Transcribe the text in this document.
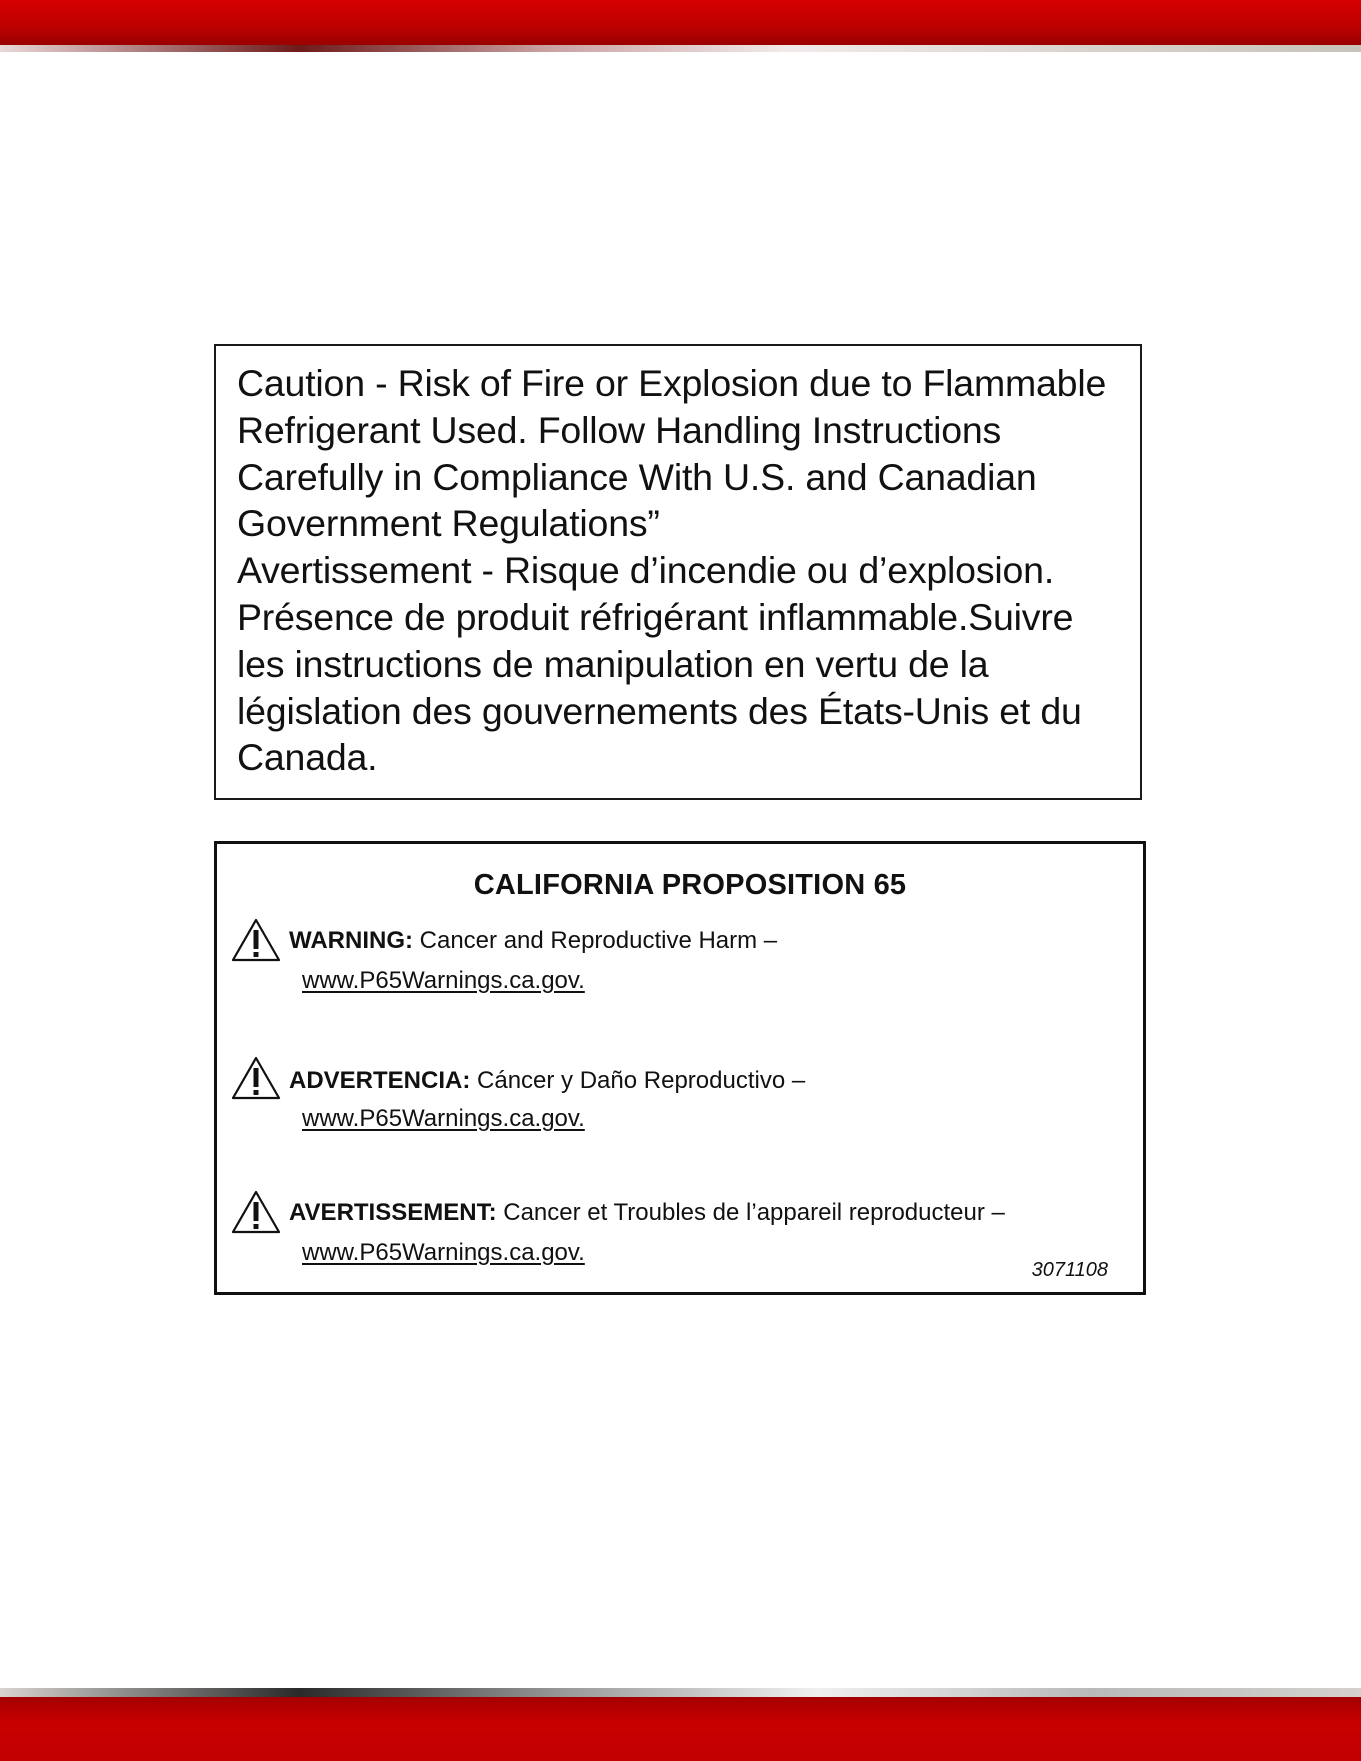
Caution - Risk of Fire or Explosion due to Flammable

Refrigerant Used. Follow Handling Instructions

Carefully in Compliance With U.S. and Canadian

Government Regulations”

Avertissement - Risque d’incendie ou d’explosion.

Présence de produit réfrigérant inflammable.Suivre

les instructions de manipulation en vertu de la

législation des gouvernements des États-Unis et du

Canada.

CALIFORNIA PROPOSITION 65
WARNING: Cancer and Reproductive Harm –
www.P65Warnings.ca.gov.
ADVERTENCIA: Cáncer y Daño Reproductivo –
www.P65Warnings.ca.gov.
AVERTISSEMENT: Cancer et Troubles de l’appareil reproducteur –
www.P65Warnings.ca.gov.
3071108
